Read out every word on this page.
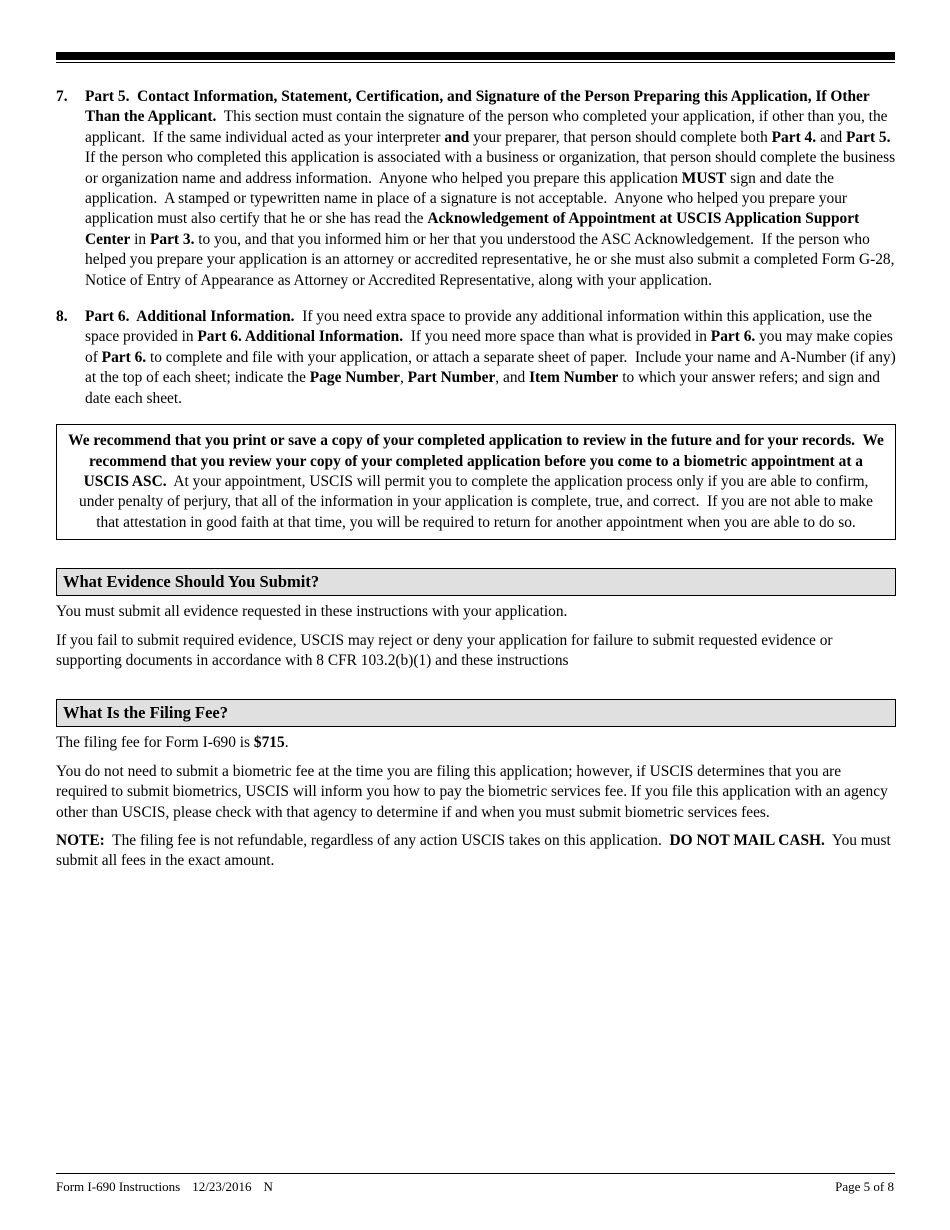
7. Part 5.  Contact Information, Statement, Certification, and Signature of the Person Preparing this Application, If Other Than the Applicant.  This section must contain the signature of the person who completed your application, if other than you, the applicant.  If the same individual acted as your interpreter and your preparer, that person should complete both Part 4. and Part 5.  If the person who completed this application is associated with a business or organization, that person should complete the business or organization name and address information.  Anyone who helped you prepare this application MUST sign and date the application.  A stamped or typewritten name in place of a signature is not acceptable.  Anyone who helped you prepare your application must also certify that he or she has read the Acknowledgement of Appointment at USCIS Application Support Center in Part 3. to you, and that you informed him or her that you understood the ASC Acknowledgement.  If the person who helped you prepare your application is an attorney or accredited representative, he or she must also submit a completed Form G-28, Notice of Entry of Appearance as Attorney or Accredited Representative, along with your application.

8. Part 6.  Additional Information.  If you need extra space to provide any additional information within this application, use the space provided in Part 6. Additional Information.  If you need more space than what is provided in Part 6. you may make copies of Part 6. to complete and file with your application, or attach a separate sheet of paper.  Include your name and A-Number (if any) at the top of each sheet; indicate the Page Number, Part Number, and Item Number to which your answer refers; and sign and date each sheet.

We recommend that you print or save a copy of your completed application to review in the future and for your records.  We recommend that you review your copy of your completed application before you come to a biometric appointment at a USCIS ASC.  At your appointment, USCIS will permit you to complete the application process only if you are able to confirm, under penalty of perjury, that all of the information in your application is complete, true, and correct.  If you are not able to make that attestation in good faith at that time, you will be required to return for another appointment when you are able to do so.

What Evidence Should You Submit?

You must submit all evidence requested in these instructions with your application.

If you fail to submit required evidence, USCIS may reject or deny your application for failure to submit requested evidence or supporting documents in accordance with 8 CFR 103.2(b)(1) and these instructions

What Is the Filing Fee?

The filing fee for Form I-690 is $715.

You do not need to submit a biometric fee at the time you are filing this application; however, if USCIS determines that you are required to submit biometrics, USCIS will inform you how to pay the biometric services fee. If you file this application with an agency other than USCIS, please check with that agency to determine if and when you must submit biometric services fees.

NOTE:  The filing fee is not refundable, regardless of any action USCIS takes on this application.  DO NOT MAIL CASH.  You must submit all fees in the exact amount.

Form I-690 Instructions 12/23/2016 N	Page 5 of 8
